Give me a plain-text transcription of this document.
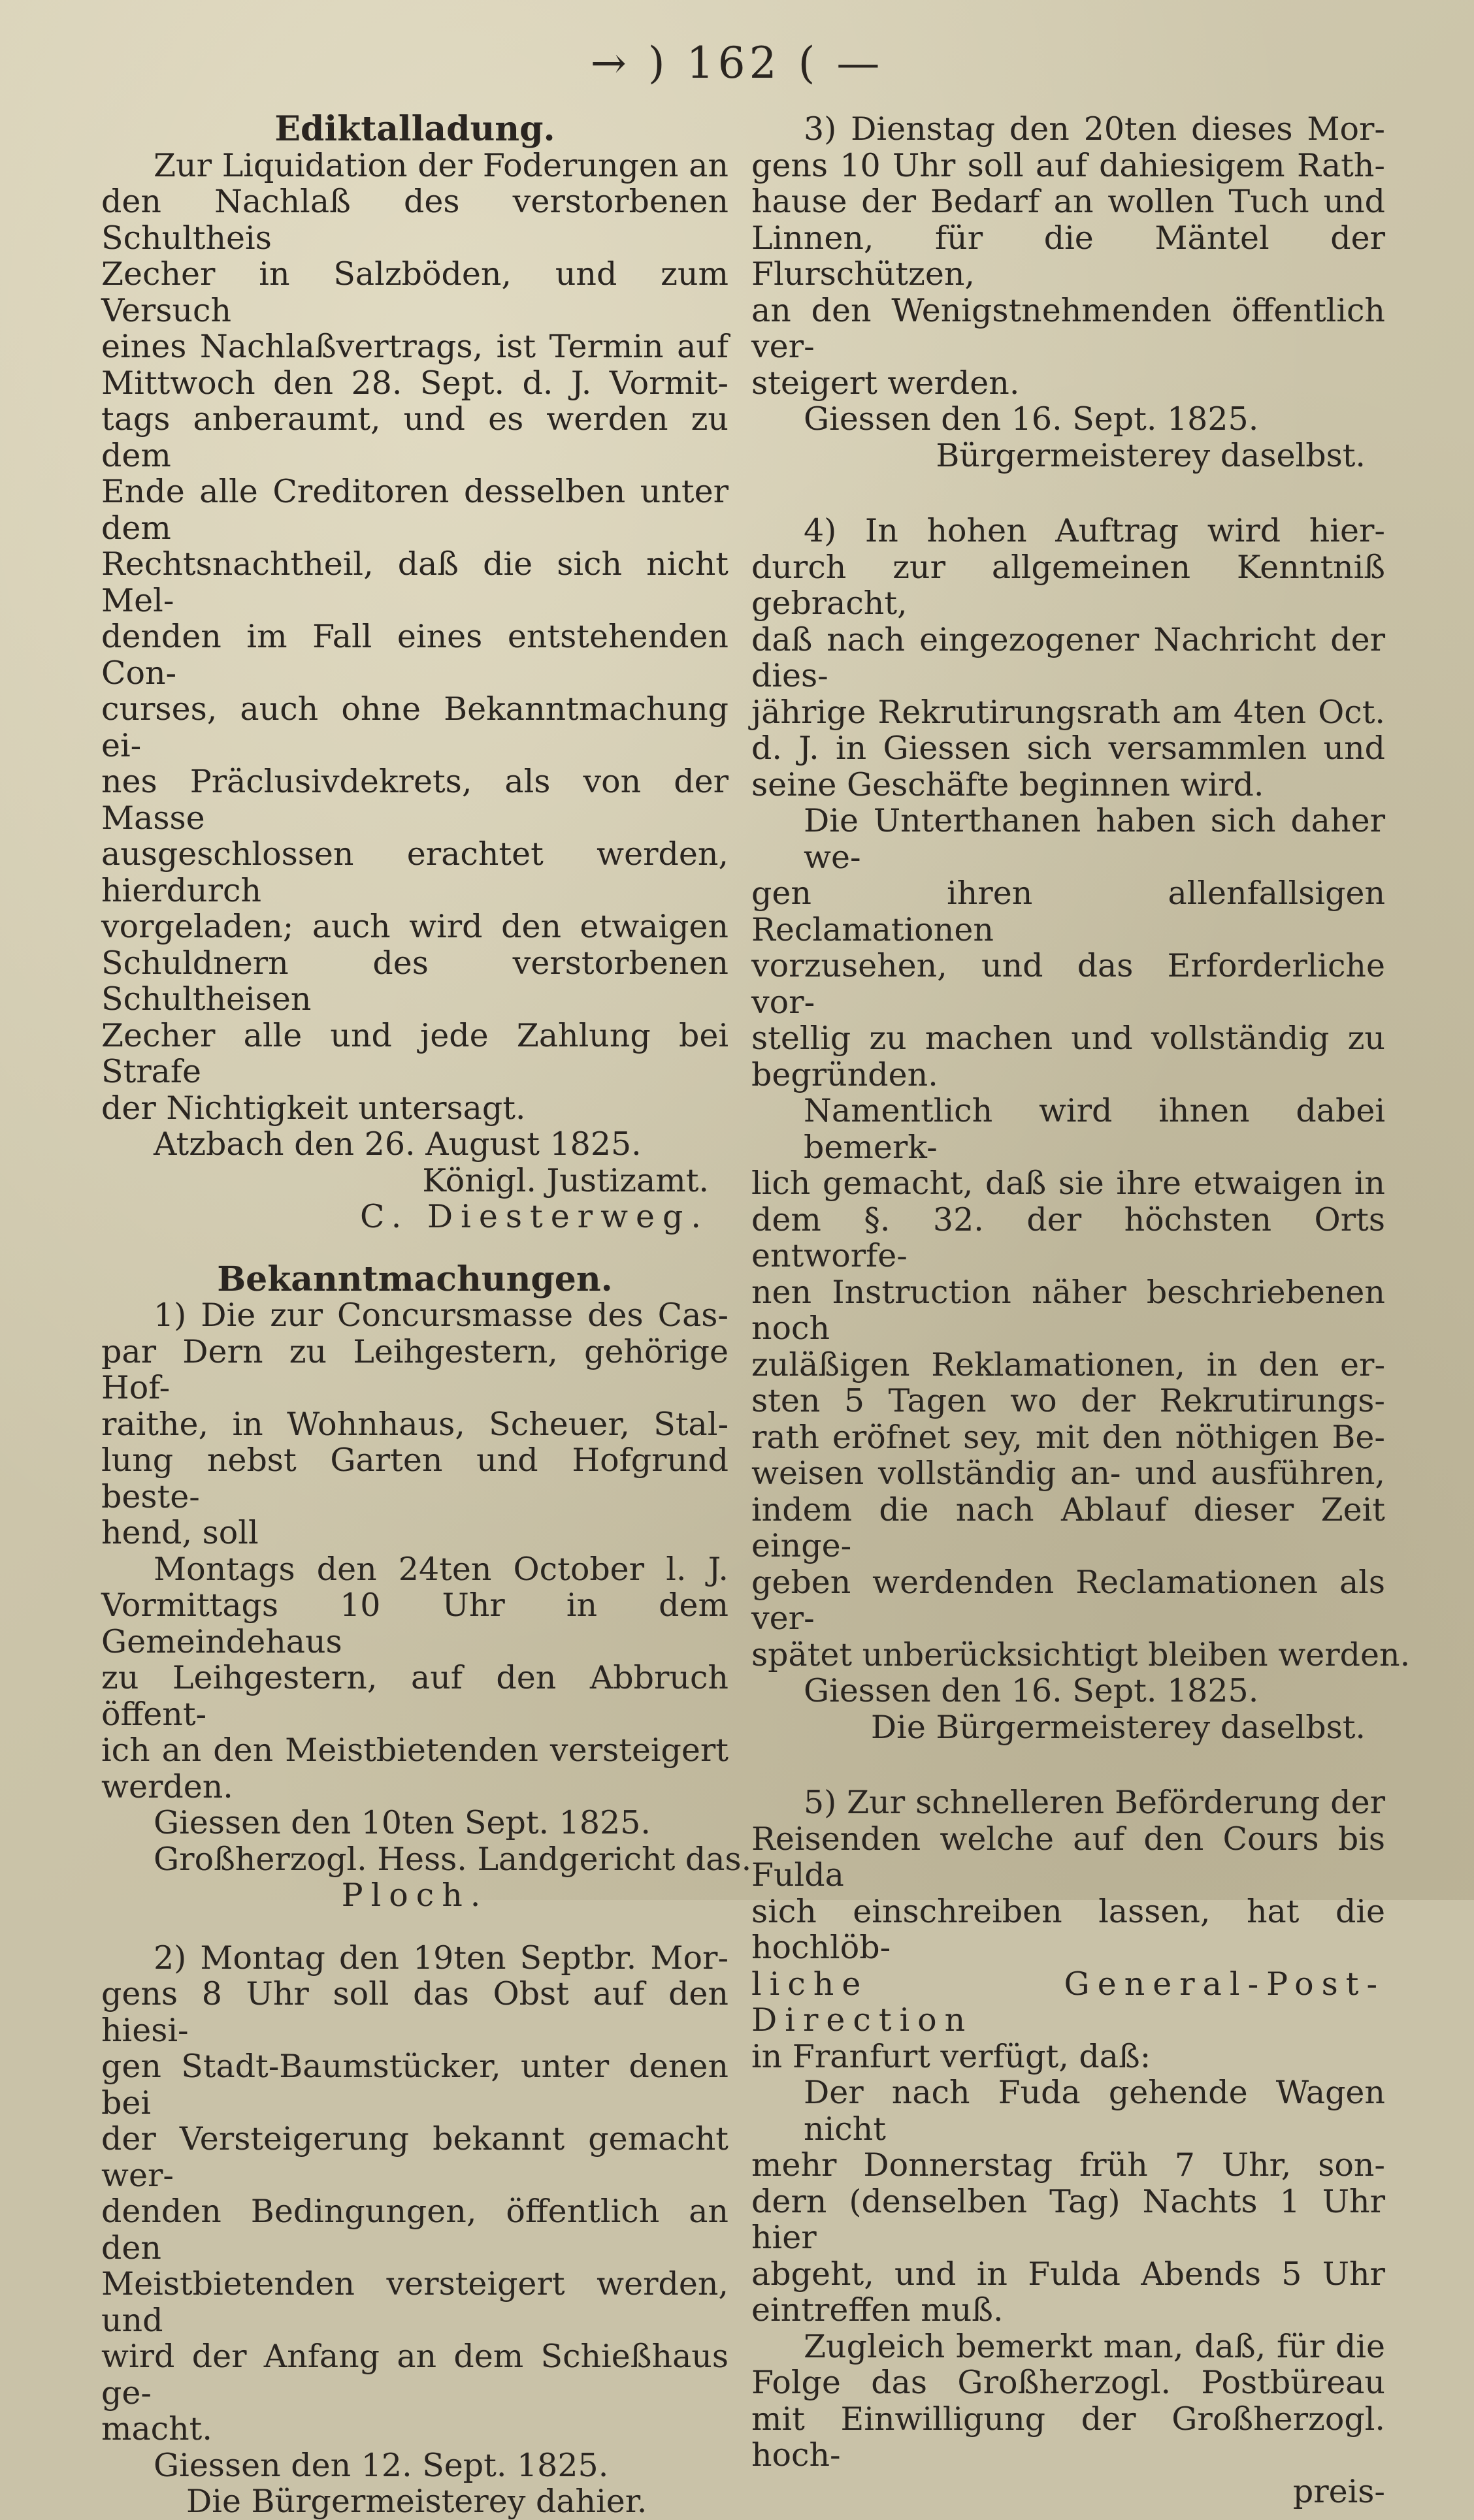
→ ) 162 ( —
Ediktalladung.
Zur Liquidation der Foderungen an
den Nachlaß des verstorbenen Schultheis
Zecher in Salzböden, und zum Versuch
eines Nachlaßvertrags, ist Termin auf
Mittwoch den 28. Sept. d. J. Vormit-
tags anberaumt, und es werden zu dem
Ende alle Creditoren desselben unter dem
Rechtsnachtheil, daß die sich nicht Mel-
denden im Fall eines entstehenden Con-
curses, auch ohne Bekanntmachung ei-
nes Präclusivdekrets, als von der Masse
ausgeschlossen erachtet werden, hierdurch
vorgeladen; auch wird den etwaigen
Schuldnern des verstorbenen Schultheisen
Zecher alle und jede Zahlung bei Strafe
der Nichtigkeit untersagt.
Atzbach den 26. August 1825.
Königl. Justizamt.
C. Diesterweg.
Bekanntmachungen.
1) Die zur Concursmasse des Cas-
par Dern zu Leihgestern, gehörige Hof-
raithe, in Wohnhaus, Scheuer, Stal-
lung nebst Garten und Hofgrund beste-
hend, soll
Montags den 24ten October l. J.
Vormittags 10 Uhr in dem Gemeindehaus
zu Leihgestern, auf den Abbruch öffent-
ich an den Meistbietenden versteigert
werden.
Giessen den 10ten Sept. 1825.
Großherzogl. Hess. Landgericht das.
Ploch.
2) Montag den 19ten Septbr. Mor-
gens 8 Uhr soll das Obst auf den hiesi-
gen Stadt-Baumstücker, unter denen bei
der Versteigerung bekannt gemacht wer-
denden Bedingungen, öffentlich an den
Meistbietenden versteigert werden, und
wird der Anfang an dem Schießhaus ge-
macht.
Giessen den 12. Sept. 1825.
Die Bürgermeisterey dahier.
3) Dienstag den 20ten dieses Mor-
gens 10 Uhr soll auf dahiesigem Rath-
hause der Bedarf an wollen Tuch und
Linnen, für die Mäntel der Flurschützen,
an den Wenigstnehmenden öffentlich ver-
steigert werden.
Giessen den 16. Sept. 1825.
Bürgermeisterey daselbst.
4) In hohen Auftrag wird hier-
durch zur allgemeinen Kenntniß gebracht,
daß nach eingezogener Nachricht der dies-
jährige Rekrutirungsrath am 4ten Oct.
d. J. in Giessen sich versammlen und
seine Geschäfte beginnen wird.
Die Unterthanen haben sich daher we-
gen ihren allenfallsigen Reclamationen
vorzusehen, und das Erforderliche vor-
stellig zu machen und vollständig zu
begründen.
Namentlich wird ihnen dabei bemerk-
lich gemacht, daß sie ihre etwaigen in
dem §. 32. der höchsten Orts entworfe-
nen Instruction näher beschriebenen noch
zuläßigen Reklamationen, in den er-
sten 5 Tagen wo der Rekrutirungs-
rath eröfnet sey, mit den nöthigen Be-
weisen vollständig an- und ausführen,
indem die nach Ablauf dieser Zeit einge-
geben werdenden Reclamationen als ver-
spätet unberücksichtigt bleiben werden.
Giessen den 16. Sept. 1825.
Die Bürgermeisterey daselbst.
5) Zur schnelleren Beförderung der
Reisenden welche auf den Cours bis Fulda
sich einschreiben lassen, hat die hochlöb-
liche General-Post-Direction
in Franfurt verfügt, daß:
Der nach Fuda gehende Wagen nicht
mehr Donnerstag früh 7 Uhr, son-
dern (denselben Tag) Nachts 1 Uhr hier
abgeht, und in Fulda Abends 5 Uhr
eintreffen muß.
Zugleich bemerkt man, daß, für die
Folge das Großherzogl. Postbüreau
mit Einwilligung der Großherzogl. hoch-
preis-
